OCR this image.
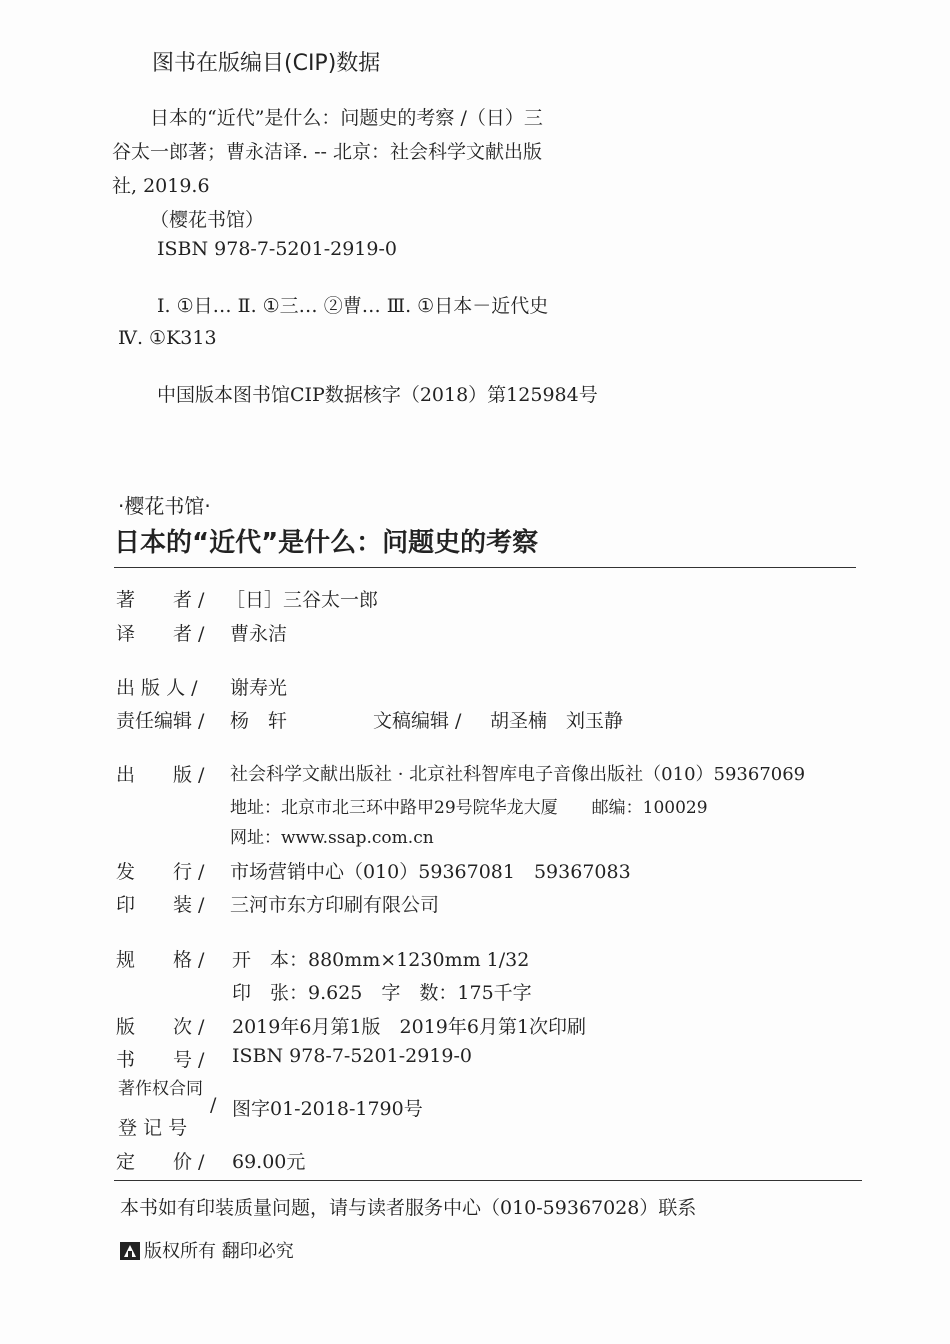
图书在版编目(CIP)数据
日本的“近代”是什么：问题史的考察 /（日）三
谷太一郎著；曹永洁译. -- 北京：社会科学文献出版
社, 2019.6
（樱花书馆）
ISBN 978-7-5201-2919-0
Ⅰ. ①日… Ⅱ. ①三… ②曹… Ⅲ. ①日本－近代史
Ⅳ. ①K313
中国版本图书馆CIP数据核字（2018）第125984号
·樱花书馆·
日本的“近代”是什么：问题史的考察
著　　者 / ［日］三谷太一郎
译　　者 / 曹永洁
出 版 人 / 谢寿光
责任编辑 / 杨　轩	文稿编辑 / 胡圣楠　刘玉静
出　　版 / 社会科学文献出版社 · 北京社科智库电子音像出版社（010）59367069
地址：北京市北三环中路甲29号院华龙大厦　　邮编：100029
网址：www.ssap.com.cn
发　　行 / 市场营销中心（010）59367081　59367083
印　　装 / 三河市东方印刷有限公司
规　　格 / 开　本：880mm×1230mm 1/32
印　张：9.625　字　数：175千字
版　　次 / 2019年6月第1版　2019年6月第1次印刷
书　　号 / ISBN 978-7-5201-2919-0
著作权合同
登 记 号
/ 图字01-2018-1790号
定　　价 / 69.00元
本书如有印装质量问题，请与读者服务中心（010-59367028）联系
版权所有 翻印必究
